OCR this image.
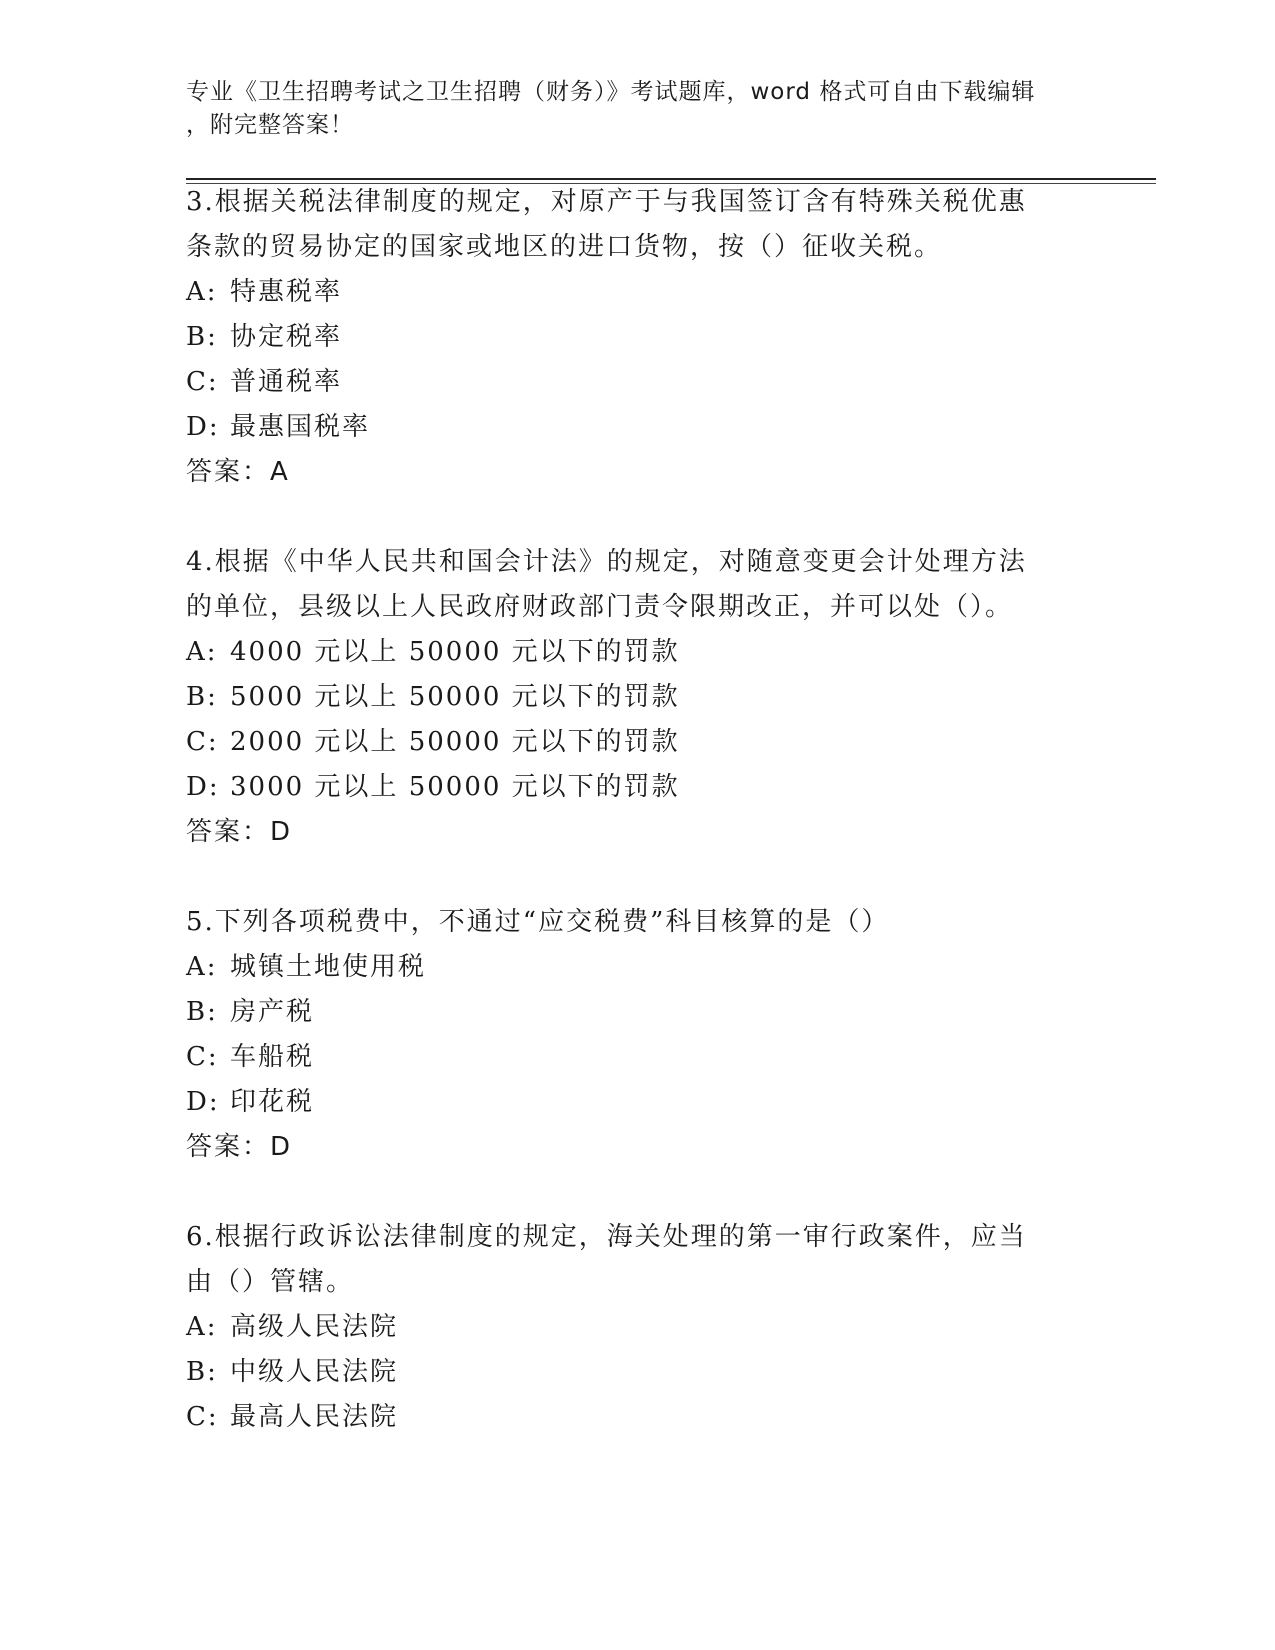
专业《卫生招聘考试之卫生招聘（财务）》考试题库，word 格式可自由下载编辑
，附完整答案！

3.根据关税法律制度的规定，对原产于与我国签订含有特殊关税优惠

条款的贸易协定的国家或地区的进口货物，按（）征收关税。

A: 特惠税率
B: 协定税率
C: 普通税率
D: 最惠国税率
答案：A

4.根据《中华人民共和国会计法》的规定，对随意变更会计处理方法

的单位，县级以上人民政府财政部门责令限期改正，并可以处（）。

A: 4000 元以上 50000 元以下的罚款
B: 5000 元以上 50000 元以下的罚款
C: 2000 元以上 50000 元以下的罚款
D: 3000 元以上 50000 元以下的罚款
答案：D

5.下列各项税费中，不通过“应交税费”科目核算的是（）

A: 城镇土地使用税
B: 房产税
C: 车船税
D: 印花税
答案：D

6.根据行政诉讼法律制度的规定，海关处理的第一审行政案件，应当

由（）管辖。

A: 高级人民法院
B: 中级人民法院
C: 最高人民法院
